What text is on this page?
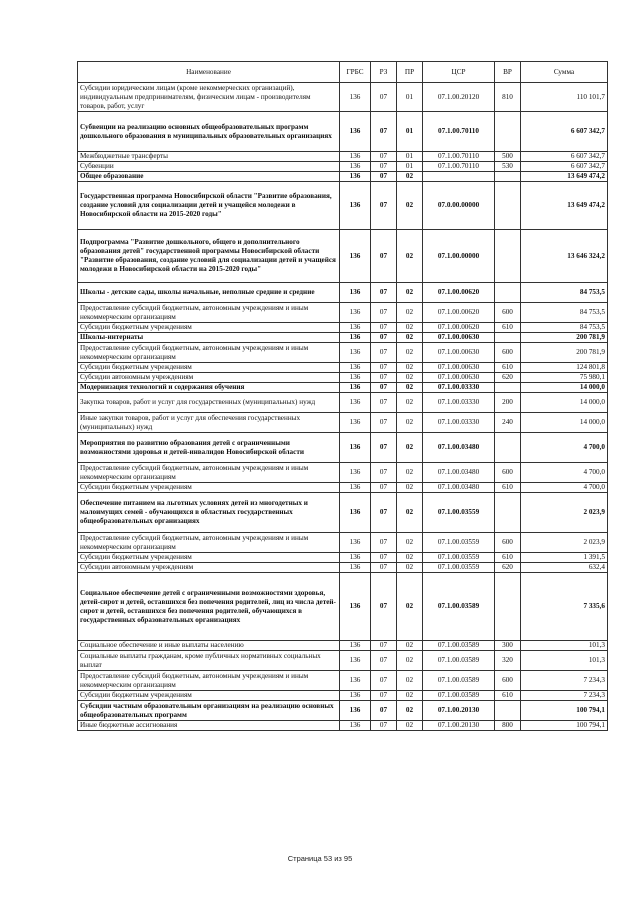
Наименование	ГРБС	РЗ	ПР	ЦСР	ВР	Сумма
Субсидии юридическим лицам (кроме некоммерческих организаций), индивидуальным предпринимателям, физическим лицам - производителям товаров, работ, услуг	136	07	01	07.1.00.20120	810	110 101,7
Субвенции на реализацию основных общеобразовательных программ дошкольного образования в муниципальных образовательных организациях	136	07	01	07.1.00.70110		6 607 342,7
Межбюджетные трансферты	136	07	01	07.1.00.70110	500	6 607 342,7
Субвенции	136	07	01	07.1.00.70110	530	6 607 342,7
Общее образование	136	07	02			13 649 474,2
Государственная программа Новосибирской области "Развитие образования, создание условий для социализации детей и учащейся молодежи в Новосибирской области на 2015-2020 годы"	136	07	02	07.0.00.00000		13 649 474,2
Подпрограмма "Развитие дошкольного, общего и дополнительного образования детей" государственной программы Новосибирской области "Развитие образования, создание условий для социализации детей и учащейся молодежи в Новосибирской области на 2015-2020 годы"	136	07	02	07.1.00.00000		13 646 324,2
Школы - детские сады, школы начальные, неполные средние и средние	136	07	02	07.1.00.00620		84 753,5
Предоставление субсидий бюджетным, автономным учреждениям и иным некоммерческим организациям	136	07	02	07.1.00.00620	600	84 753,5
Субсидии бюджетным учреждениям	136	07	02	07.1.00.00620	610	84 753,5
Школы-интернаты	136	07	02	07.1.00.00630		200 781,9
Предоставление субсидий бюджетным, автономным учреждениям и иным некоммерческим организациям	136	07	02	07.1.00.00630	600	200 781,9
Субсидии бюджетным учреждениям	136	07	02	07.1.00.00630	610	124 801,8
Субсидии автономным учреждениям	136	07	02	07.1.00.00630	620	75 980,1
Модернизация технологий и содержания обучения	136	07	02	07.1.00.03330		14 000,0
Закупка товаров, работ и услуг для государственных (муниципальных) нужд	136	07	02	07.1.00.03330	200	14 000,0
Иные закупки товаров, работ и услуг для обеспечения государственных (муниципальных) нужд	136	07	02	07.1.00.03330	240	14 000,0
Мероприятия по развитию образования детей с ограниченными возможностями здоровья и детей-инвалидов Новосибирской области	136	07	02	07.1.00.03480		4 700,0
Предоставление субсидий бюджетным, автономным учреждениям и иным некоммерческим организациям	136	07	02	07.1.00.03480	600	4 700,0
Субсидии бюджетным учреждениям	136	07	02	07.1.00.03480	610	4 700,0
Обеспечение питанием на льготных условиях детей из многодетных и малоимущих семей - обучающихся в областных государственных общеобразовательных организациях	136	07	02	07.1.00.03559		2 023,9
Предоставление субсидий бюджетным, автономным учреждениям и иным некоммерческим организациям	136	07	02	07.1.00.03559	600	2 023,9
Субсидии бюджетным учреждениям	136	07	02	07.1.00.03559	610	1 391,5
Субсидии автономным учреждениям	136	07	02	07.1.00.03559	620	632,4
Социальное обеспечение детей с ограниченными возможностями здоровья, детей-сирот и детей, оставшихся без попечения родителей, лиц из числа детей-сирот и детей, оставшихся без попечения родителей, обучающихся в государственных образовательных организациях	136	07	02	07.1.00.03589		7 335,6
Социальное обеспечение и иные выплаты населению	136	07	02	07.1.00.03589	300	101,3
Социальные выплаты гражданам, кроме публичных нормативных социальных выплат	136	07	02	07.1.00.03589	320	101,3
Предоставление субсидий бюджетным, автономным учреждениям и иным некоммерческим организациям	136	07	02	07.1.00.03589	600	7 234,3
Субсидии бюджетным учреждениям	136	07	02	07.1.00.03589	610	7 234,3
Субсидии частным образовательным организациям на реализацию основных общеобразовательных программ	136	07	02	07.1.00.20130		100 794,1
Иные бюджетные ассигнования	136	07	02	07.1.00.20130	800	100 794,1
Страница 53 из 95
